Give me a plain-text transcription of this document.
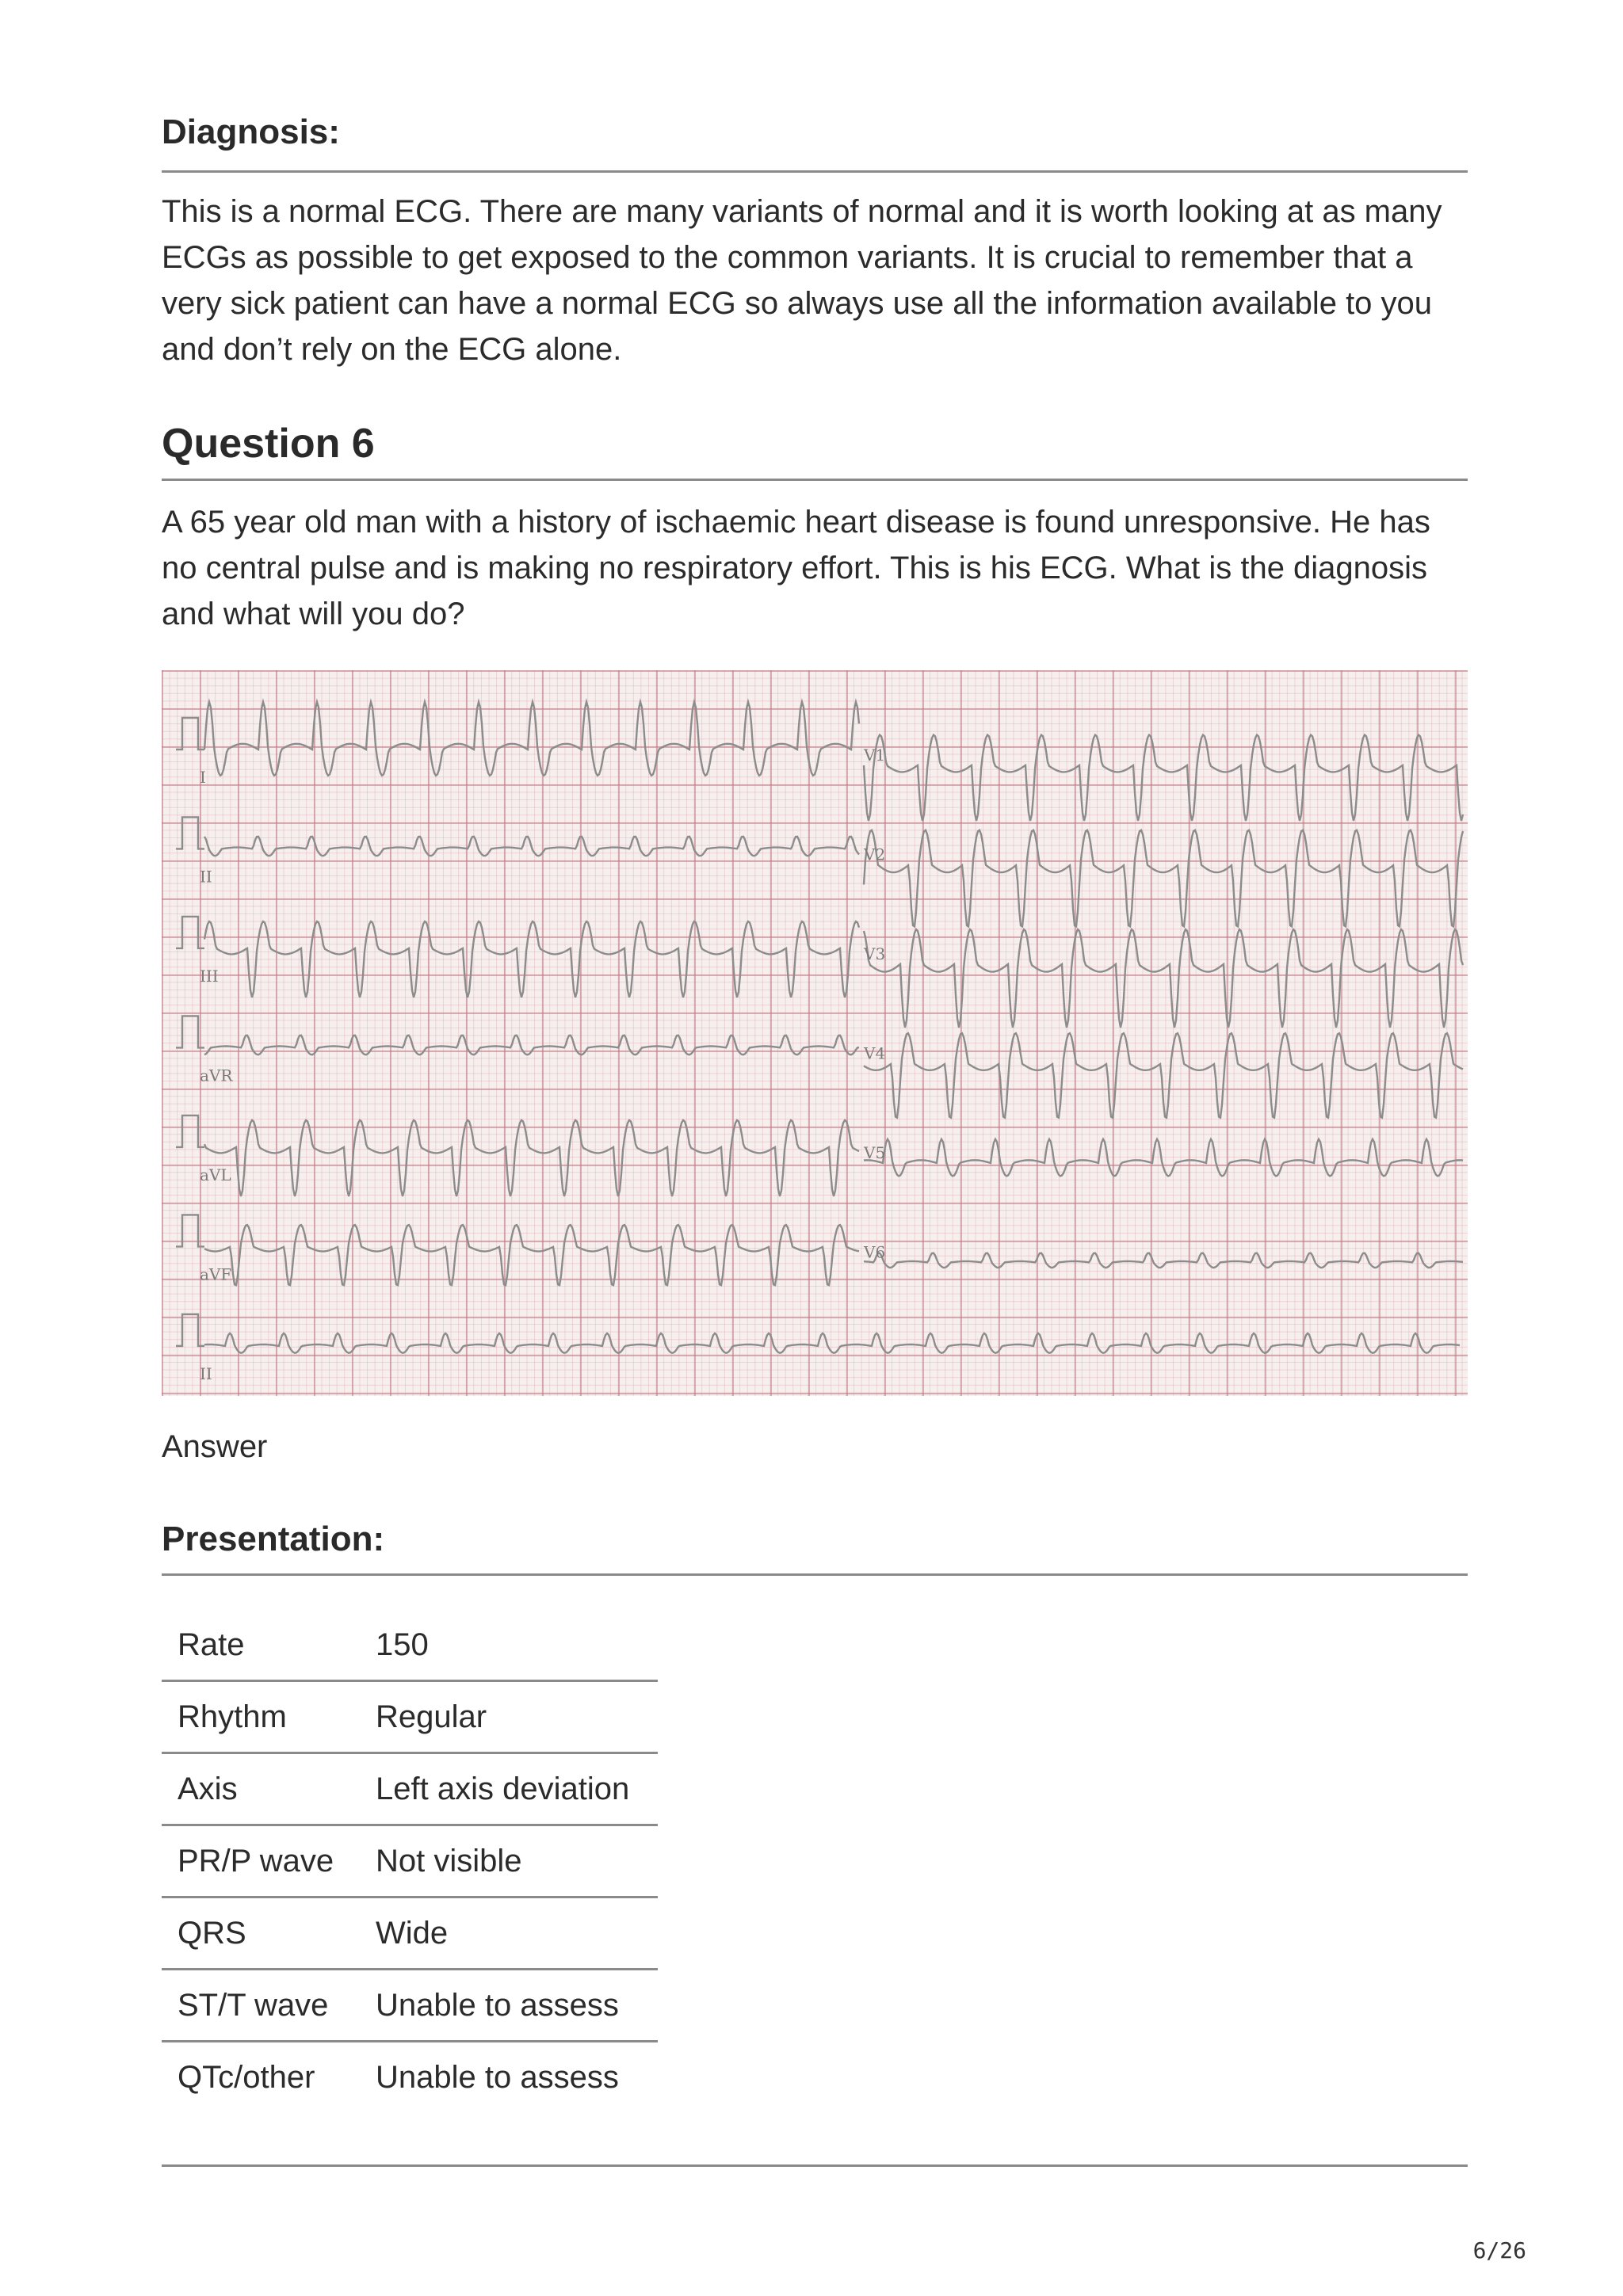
Diagnosis:

This is a normal ECG. There are many variants of normal and it is worth looking at as many ECGs as possible to get exposed to the common variants. It is crucial to remember that a very sick patient can have a normal ECG so always use all the information available to you and don’t rely on the ECG alone.

Question 6

A 65 year old man with a history of ischaemic heart disease is found unresponsive. He has no central pulse and is making no respiratory effort. This is his ECG. What is the diagnosis and what will you do?

I
II
III
aVR
aVL
aVF
II
V1
V2
V3
V4
V5
V6

Answer

Presentation:
Rate	150
Rhythm	Regular
Axis	Left axis deviation
PR/P wave	Not visible
QRS	Wide
ST/T wave	Unable to assess
QTc/other	Unable to assess
6/26
